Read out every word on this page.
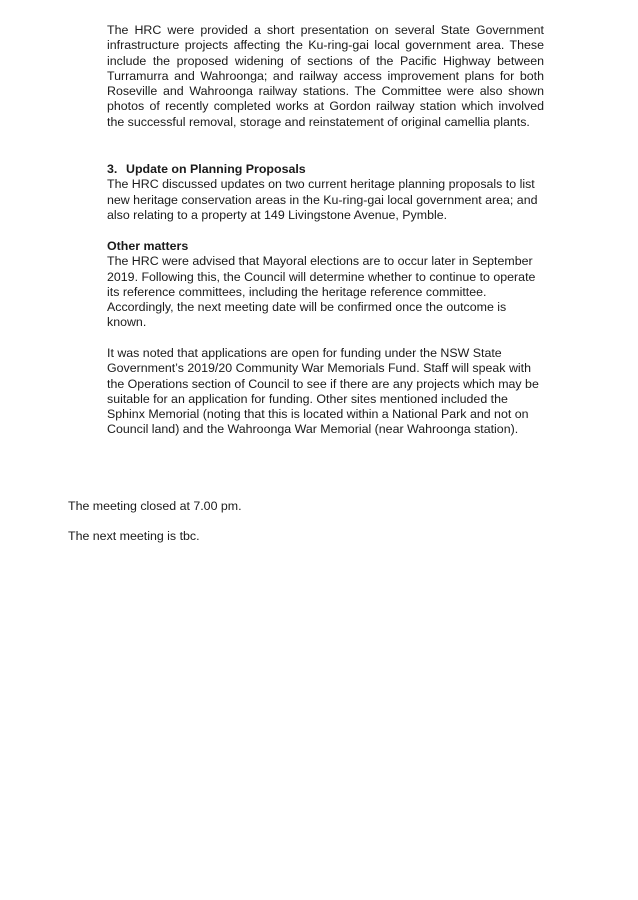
The HRC were provided a short presentation on several State Government infrastructure projects affecting the Ku-ring-gai local government area. These include the proposed widening of sections of the Pacific Highway between Turramurra and Wahroonga; and railway access improvement plans for both Roseville and Wahroonga railway stations. The Committee were also shown photos of recently completed works at Gordon railway station which involved the successful removal, storage and reinstatement of original camellia plants.

3. Update on Planning Proposals

The HRC discussed updates on two current heritage planning proposals to list new heritage conservation areas in the Ku-ring-gai local government area; and also relating to a property at 149 Livingstone Avenue, Pymble.

Other matters

The HRC were advised that Mayoral elections are to occur later in September 2019. Following this, the Council will determine whether to continue to operate its reference committees, including the heritage reference committee. Accordingly, the next meeting date will be confirmed once the outcome is known.

It was noted that applications are open for funding under the NSW State Government’s 2019/20 Community War Memorials Fund. Staff will speak with the Operations section of Council to see if there are any projects which may be suitable for an application for funding. Other sites mentioned included the Sphinx Memorial (noting that this is located within a National Park and not on Council land) and the Wahroonga War Memorial (near Wahroonga station).

The meeting closed at 7.00 pm.

The next meeting is tbc.
